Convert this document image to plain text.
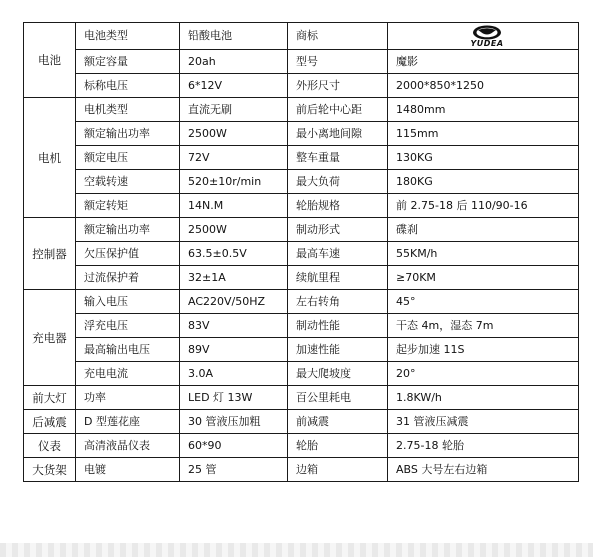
电池	电池类型	铅酸电池	商标	YUDEA

	额定容量	20ah	型号	魔影
	标称电压	6*12V	外形尺寸	2000*850*1250
电机	电机类型	直流无刷	前后轮中心距	1480mm
	额定输出功率	2500W	最小离地间隙	115mm
	额定电压	72V	整车重量	130KG
	空载转速	520±10r/min	最大负荷	180KG
	额定转矩	14N.M	轮胎规格	前 2.75-18 后 110/90-16
控制器	额定输出功率	2500W	制动形式	碟刹
	欠压保护值	63.5±0.5V	最高车速	55KM/h
	过流保护着	32±1A	续航里程	≥70KM
充电器	输入电压	AC220V/50HZ	左右转角	45°
	浮充电压	83V	制动性能	干态 4m，湿态 7m
	最高输出电压	89V	加速性能	起步加速 11S
	充电电流	3.0A	最大爬坡度	20°
前大灯	功率	LED 灯 13W	百公里耗电	1.8KW/h
后减震	D 型莲花座	30 管液压加粗	前减震	31 管液压减震
仪表	高清液晶仪表	60*90	轮胎	2.75-18 轮胎
大货架	电镀	25 管	边箱	ABS 大号左右边箱
